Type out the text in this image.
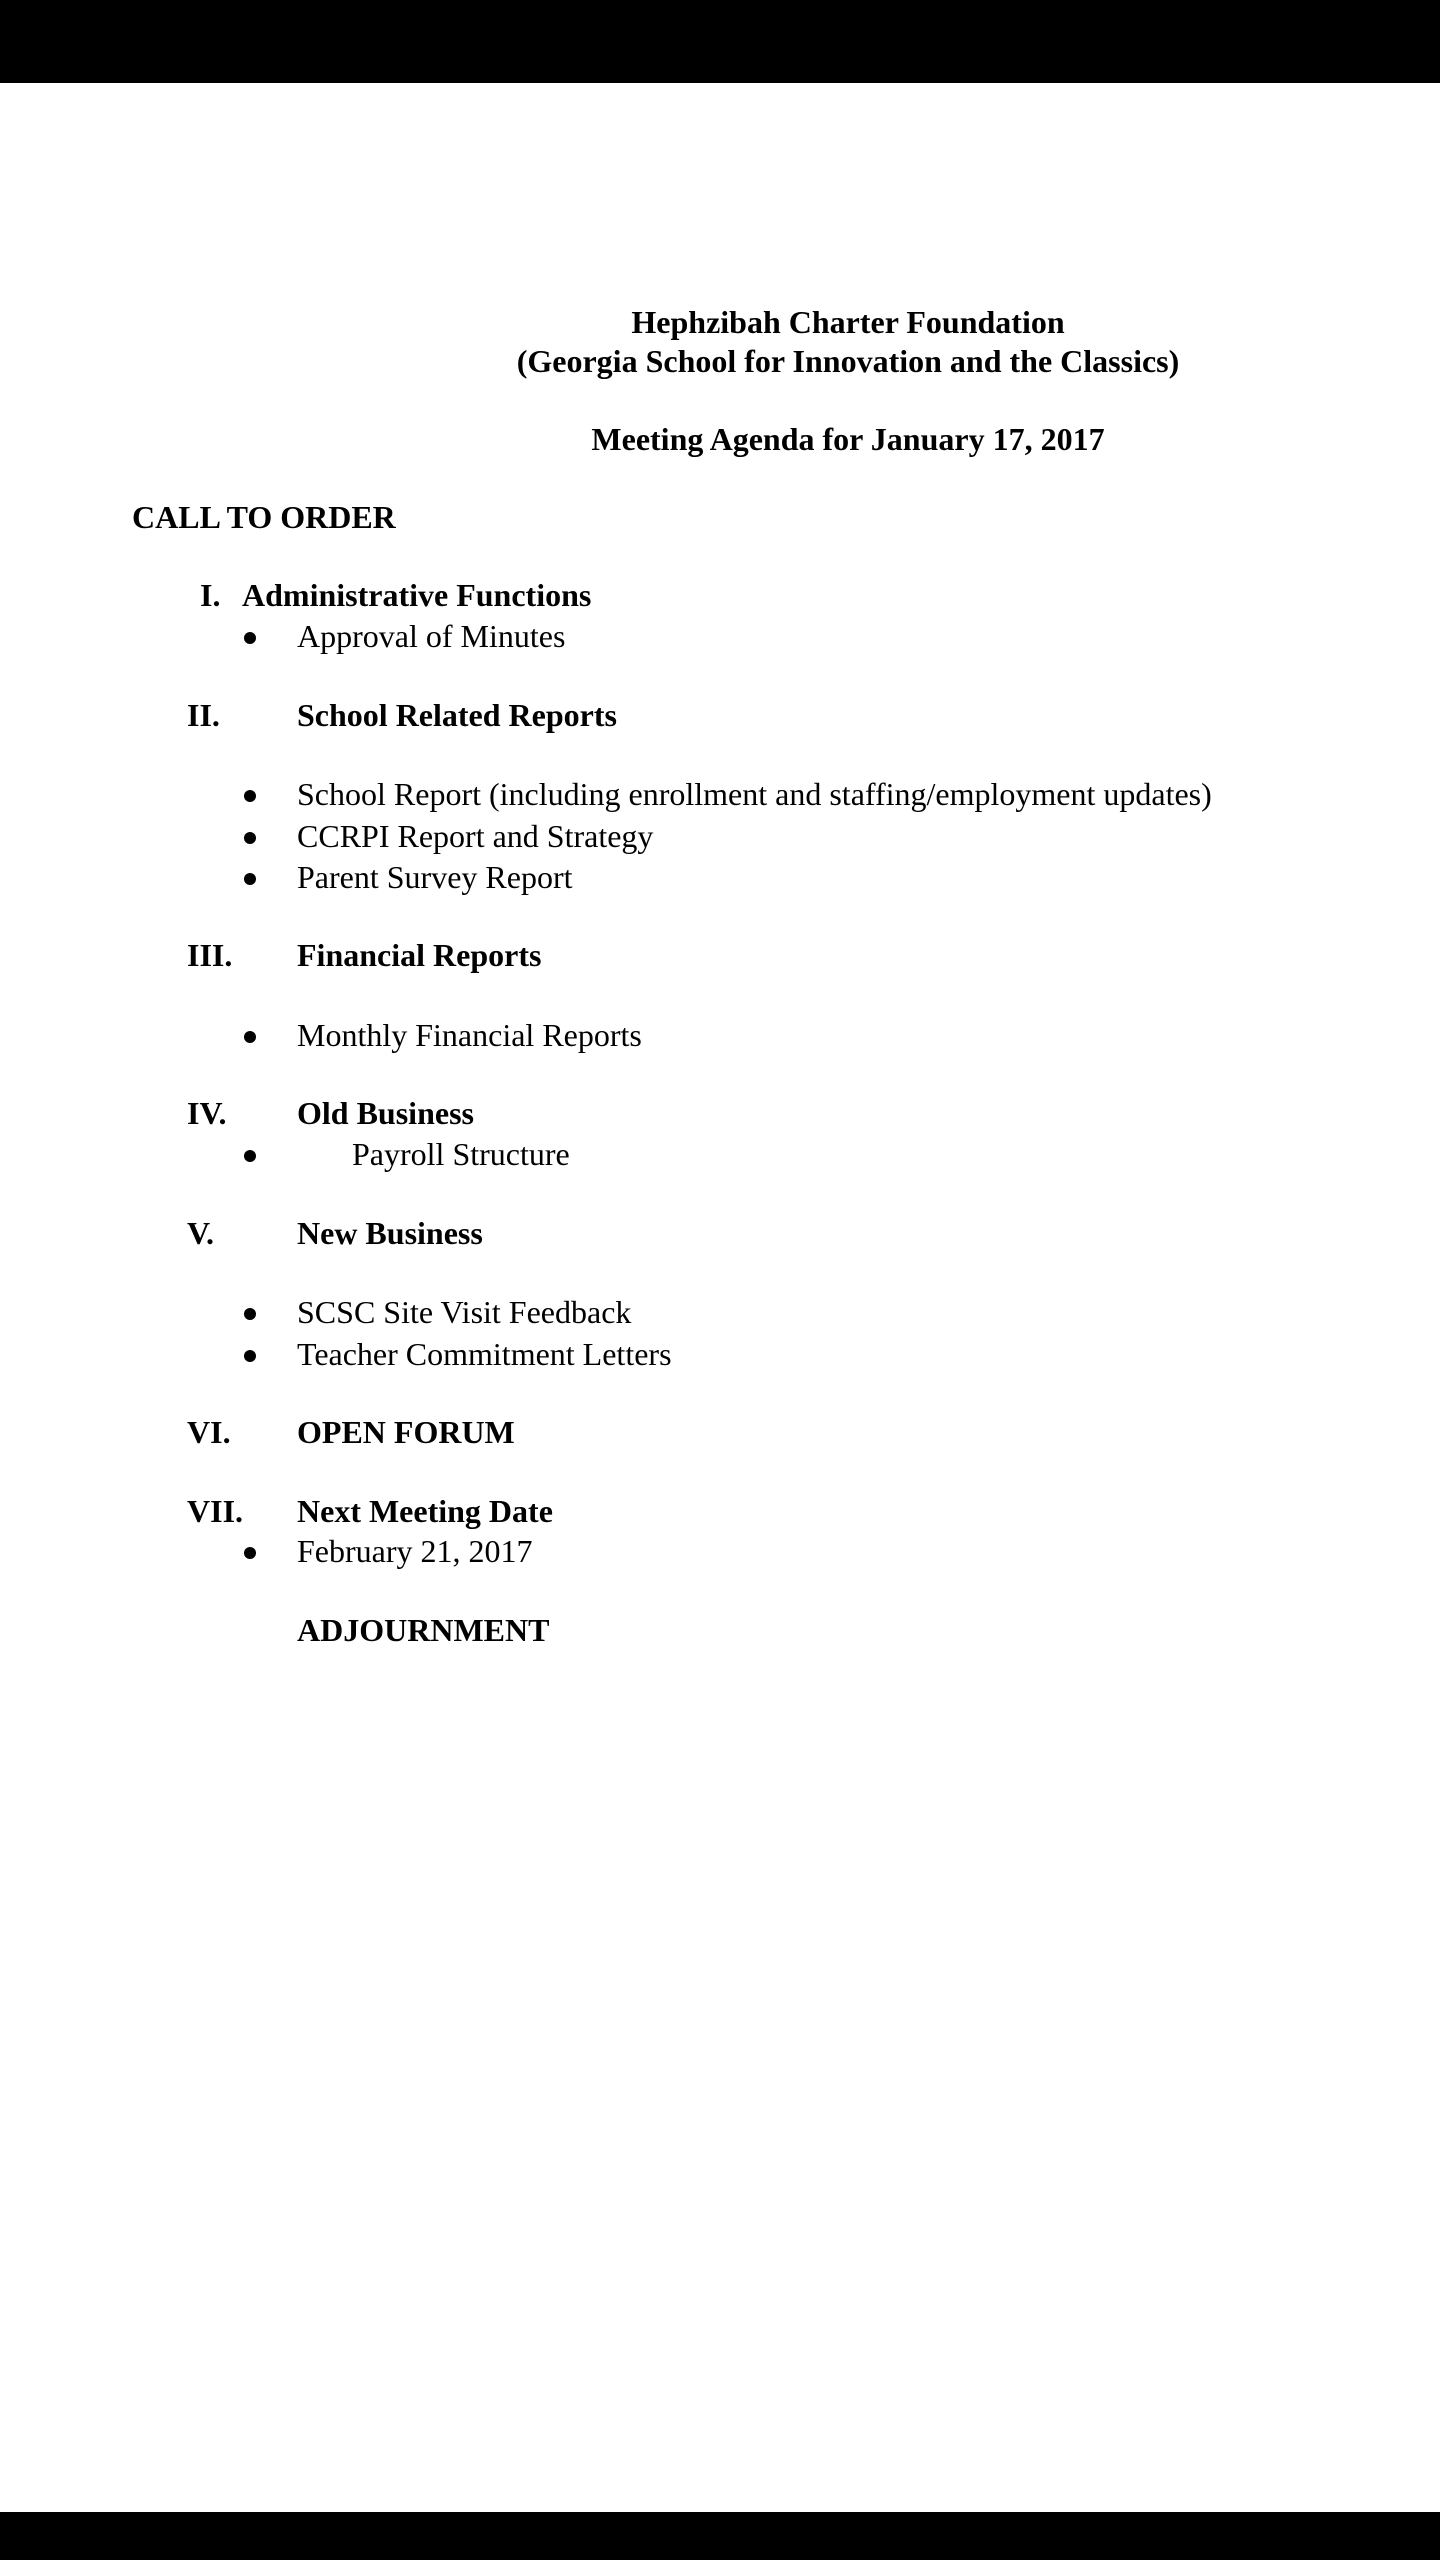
Hephzibah Charter Foundation
(Georgia School for Innovation and the Classics)
Meeting Agenda for January 17, 2017
CALL TO ORDER
I. Administrative Functions
Approval of Minutes
II. School Related Reports
School Report (including enrollment and staffing/employment updates)
CCRPI Report and Strategy
Parent Survey Report
III. Financial Reports
Monthly Financial Reports
IV. Old Business
Payroll Structure
V.	New Business
SCSC Site Visit Feedback
Teacher Commitment Letters
VI. OPEN FORUM
VII. Next Meeting Date
February 21, 2017
ADJOURNMENT
